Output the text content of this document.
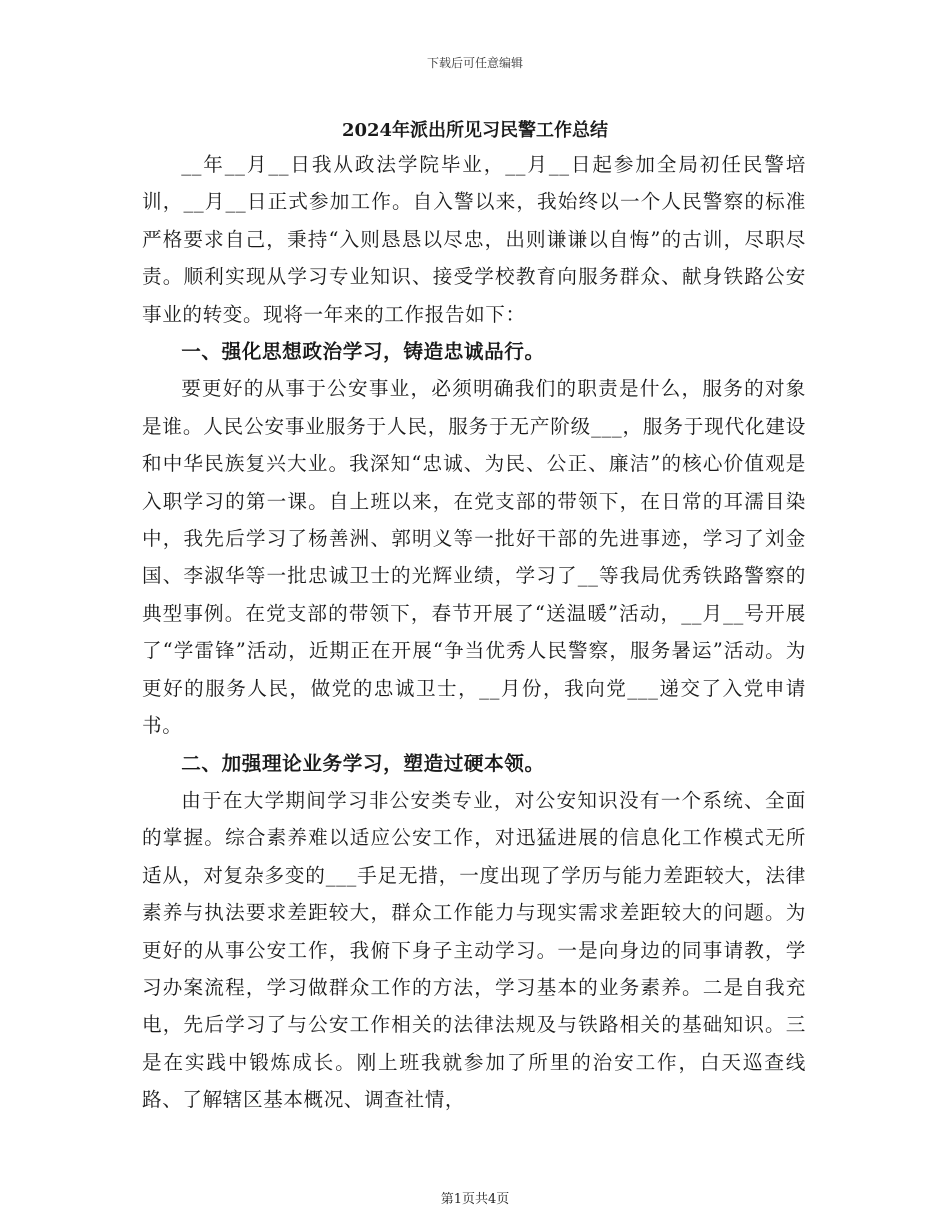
下载后可任意编辑
2024年派出所见习民警工作总结

__年__月__日我从政法学院毕业，__月__日起参加全局初任民警培训，__月__日正式参加工作。自入警以来，我始终以一个人民警察的标准严格要求自己，秉持“入则恳恳以尽忠，出则谦谦以自悔”的古训，尽职尽责。顺利实现从学习专业知识、接受学校教育向服务群众、献身铁路公安事业的转变。现将一年来的工作报告如下：

一、强化思想政治学习，铸造忠诚品行。

要更好的从事于公安事业，必须明确我们的职责是什么，服务的对象是谁。人民公安事业服务于人民，服务于无产阶级___，服务于现代化建设和中华民族复兴大业。我深知“忠诚、为民、公正、廉洁”的核心价值观是入职学习的第一课。自上班以来，在党支部的带领下，在日常的耳濡目染中，我先后学习了杨善洲、郭明义等一批好干部的先进事迹，学习了刘金国、李淑华等一批忠诚卫士的光辉业绩，学习了__等我局优秀铁路警察的典型事例。在党支部的带领下，春节开展了“送温暖”活动，__月__号开展了“学雷锋”活动，近期正在开展“争当优秀人民警察，服务暑运”活动。为更好的服务人民，做党的忠诚卫士，__月份，我向党___递交了入党申请书。

二、加强理论业务学习，塑造过硬本领。

由于在大学期间学习非公安类专业，对公安知识没有一个系统、全面的掌握。综合素养难以适应公安工作，对迅猛进展的信息化工作模式无所适从，对复杂多变的___手足无措，一度出现了学历与能力差距较大，法律素养与执法要求差距较大，群众工作能力与现实需求差距较大的问题。为更好的从事公安工作，我俯下身子主动学习。一是向身边的同事请教，学习办案流程，学习做群众工作的方法，学习基本的业务素养。二是自我充电，先后学习了与公安工作相关的法律法规及与铁路相关的基础知识。三是在实践中锻炼成长。刚上班我就参加了所里的治安工作，白天巡查线路、了解辖区基本概况、调查社情，

第1页共4页
